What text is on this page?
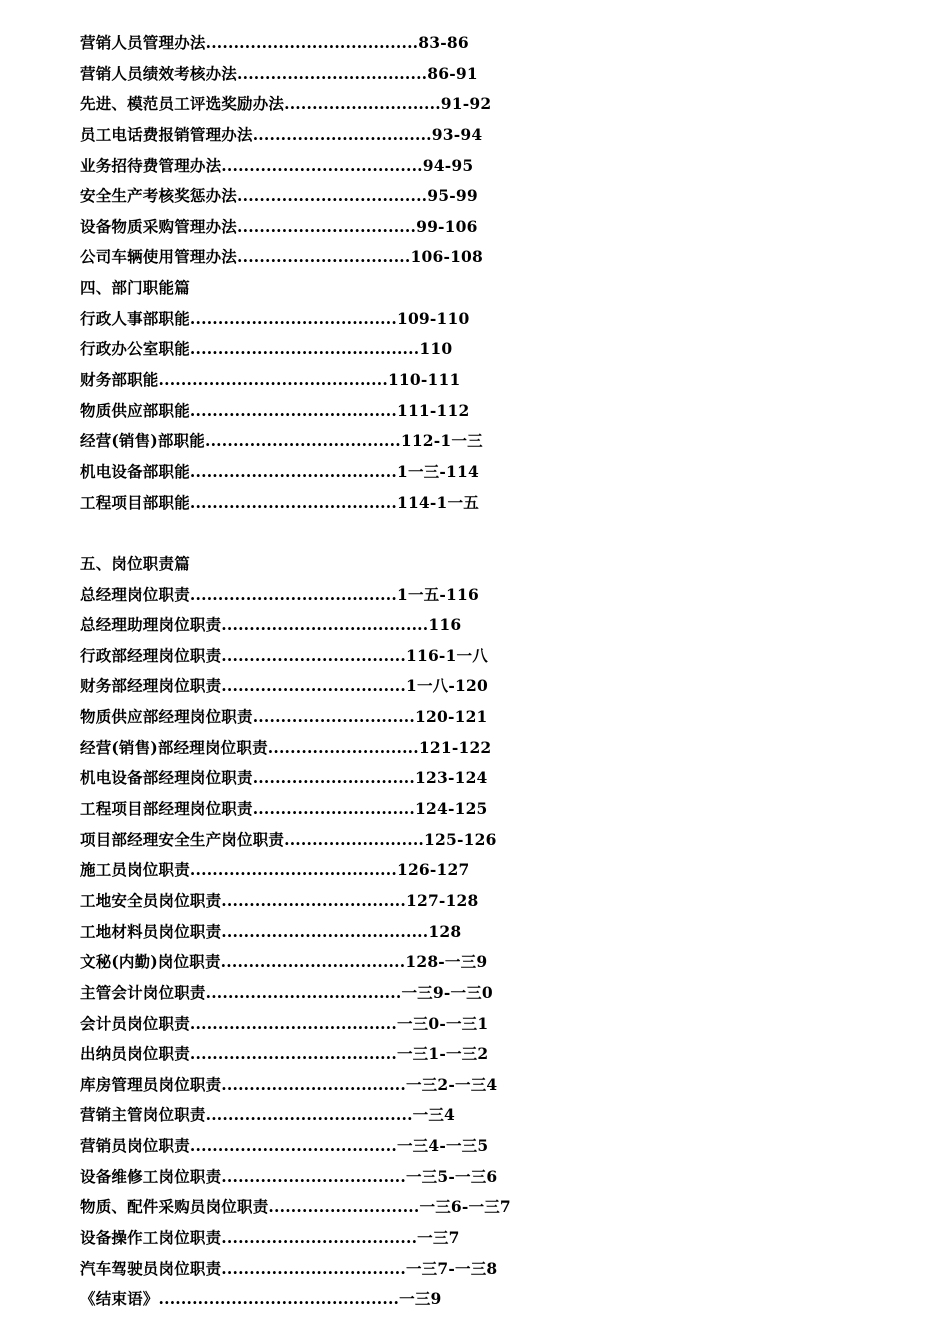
营销人员管理办法......................................83-86
营销人员绩效考核办法..................................86-91
先进、模范员工评选奖励办法............................91-92
员工电话费报销管理办法................................93-94
业务招待费管理办法....................................94-95
安全生产考核奖惩办法..................................95-99
设备物质采购管理办法................................99-106
公司车辆使用管理办法...............................106-108
四、部门职能篇
行政人事部职能.....................................109-110
行政办公室职能.........................................110
财务部职能.........................................110-111
物质供应部职能.....................................111-112
经营(销售)部职能...................................112-1一三
机电设备部职能.....................................1一三-114
工程项目部职能.....................................114-1一五
五、岗位职责篇
总经理岗位职责.....................................1一五-116
总经理助理岗位职责.....................................116
行政部经理岗位职责.................................116-1一八
财务部经理岗位职责.................................1一八-120
物质供应部经理岗位职责.............................120-121
经营(销售)部经理岗位职责...........................121-122
机电设备部经理岗位职责.............................123-124
工程项目部经理岗位职责.............................124-125
项目部经理安全生产岗位职责.........................125-126
施工员岗位职责.....................................126-127
工地安全员岗位职责.................................127-128
工地材料员岗位职责.....................................128
文秘(内勤)岗位职责.................................128-一三9
主管会计岗位职责...................................一三9-一三0
会计员岗位职责.....................................一三0-一三1
出纳员岗位职责.....................................一三1-一三2
库房管理员岗位职责.................................一三2-一三4
营销主管岗位职责.....................................一三4
营销员岗位职责.....................................一三4-一三5
设备维修工岗位职责.................................一三5-一三6
物质、配件采购员岗位职责...........................一三6-一三7
设备操作工岗位职责...................................一三7
汽车驾驶员岗位职责.................................一三7-一三8
《结束语》...........................................一三9
